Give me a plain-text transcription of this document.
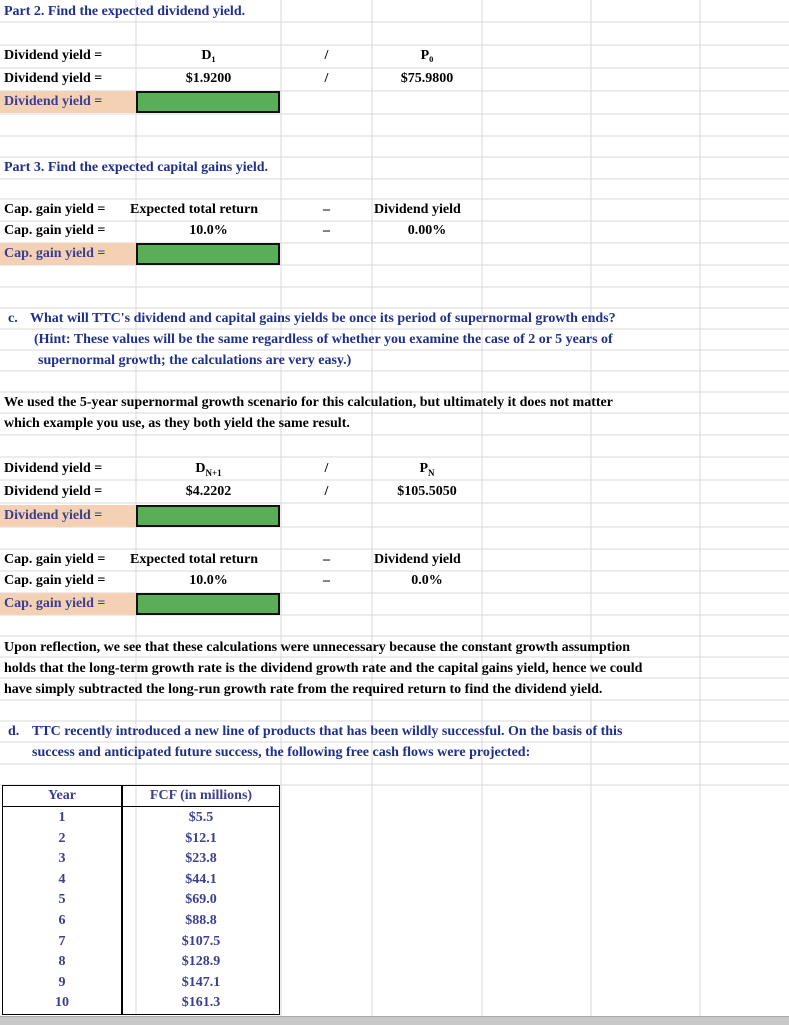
Part 2. Find the expected dividend yield.
Dividend yield =	D₁	/	P₀
Dividend yield =	$1.9200	/	$75.9800
Dividend yield =
Part 3. Find the expected capital gains yield.
Cap. gain yield = Expected total return	–	Dividend yield
Cap. gain yield =	10.0%	–	0.00%
Cap. gain yield =
c. What will TTC's dividend and capital gains yields be once its period of supernormal growth ends?
(Hint: These values will be the same regardless of whether you examine the case of 2 or 5 years of
supernormal growth; the calculations are very easy.)
We used the 5-year supernormal growth scenario for this calculation, but ultimately it does not matter
which example you use, as they both yield the same result.
Dividend yield =	$D_{N+1}$	/	$P_N$
Dividend yield =	$4.2202	/	$105.5050
Dividend yield =
Cap. gain yield = Expected total return	–	Dividend yield
Cap. gain yield =	10.0%	–	0.0%
Cap. gain yield =
Upon reflection, we see that these calculations were unnecessary because the constant growth assumption
holds that the long-term growth rate is the dividend growth rate and the capital gains yield, hence we could
have simply subtracted the long-run growth rate from the required return to find the dividend yield.
d. TTC recently introduced a new line of products that has been wildly successful. On the basis of this
success and anticipated future success, the following free cash flows were projected:
Year	FCF (in millions)
1	$5.5
2	$12.1
3	$23.8
4	$44.1
5	$69.0
6	$88.8
7	$107.5
8	$128.9
9	$147.1
10	$161.3
